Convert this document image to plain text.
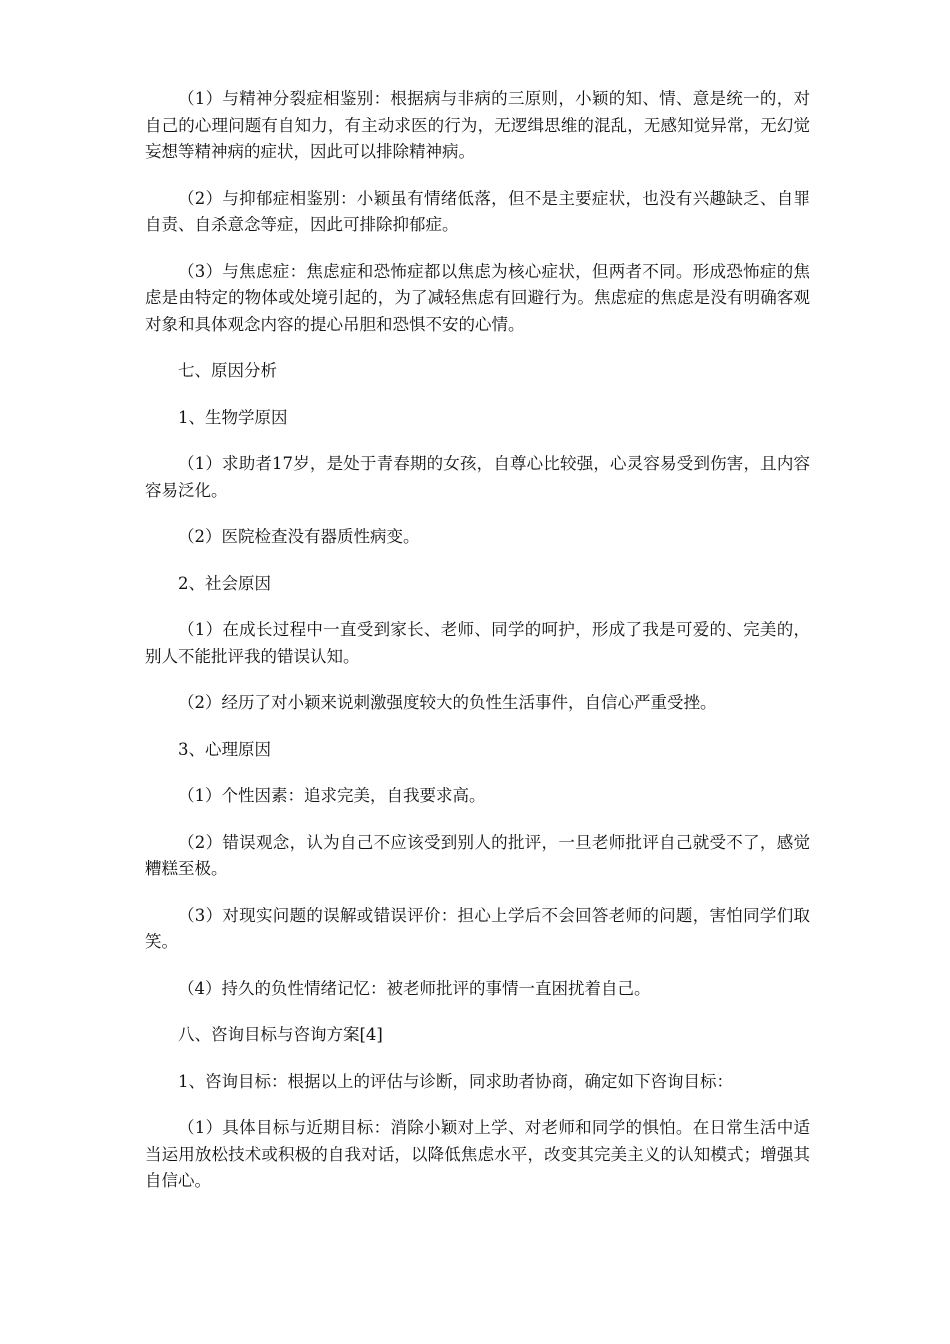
（1）与精神分裂症相鉴别：根据病与非病的三原则，小颖的知、情、意是统一的，对自己的心理问题有自知力，有主动求医的行为，无逻缉思维的混乱，无感知觉异常，无幻觉妄想等精神病的症状，因此可以排除精神病。

（2）与抑郁症相鉴别：小颖虽有情绪低落，但不是主要症状，也没有兴趣缺乏、自罪自责、自杀意念等症，因此可排除抑郁症。

（3）与焦虑症：焦虑症和恐怖症都以焦虑为核心症状，但两者不同。形成恐怖症的焦虑是由特定的物体或处境引起的，为了减轻焦虑有回避行为。焦虑症的焦虑是没有明确客观对象和具体观念内容的提心吊胆和恐惧不安的心情。

七、原因分析

1、生物学原因

（1）求助者17岁，是处于青春期的女孩，自尊心比较强，心灵容易受到伤害，且内容容易泛化。

（2）医院检查没有器质性病变。

2、社会原因

（1）在成长过程中一直受到家长、老师、同学的呵护，形成了我是可爱的、完美的，别人不能批评我的错误认知。

（2）经历了对小颖来说刺激强度较大的负性生活事件，自信心严重受挫。

3、心理原因

（1）个性因素：追求完美，自我要求高。

（2）错误观念，认为自己不应该受到别人的批评，一旦老师批评自己就受不了，感觉糟糕至极。

（3）对现实问题的误解或错误评价：担心上学后不会回答老师的问题，害怕同学们取笑。

（4）持久的负性情绪记忆：被老师批评的事情一直困扰着自己。

八、咨询目标与咨询方案[4]

1、咨询目标：根据以上的评估与诊断，同求助者协商，确定如下咨询目标：

（1）具体目标与近期目标：消除小颖对上学、对老师和同学的惧怕。在日常生活中适当运用放松技术或积极的自我对话，以降低焦虑水平，改变其完美主义的认知模式；增强其自信心。
